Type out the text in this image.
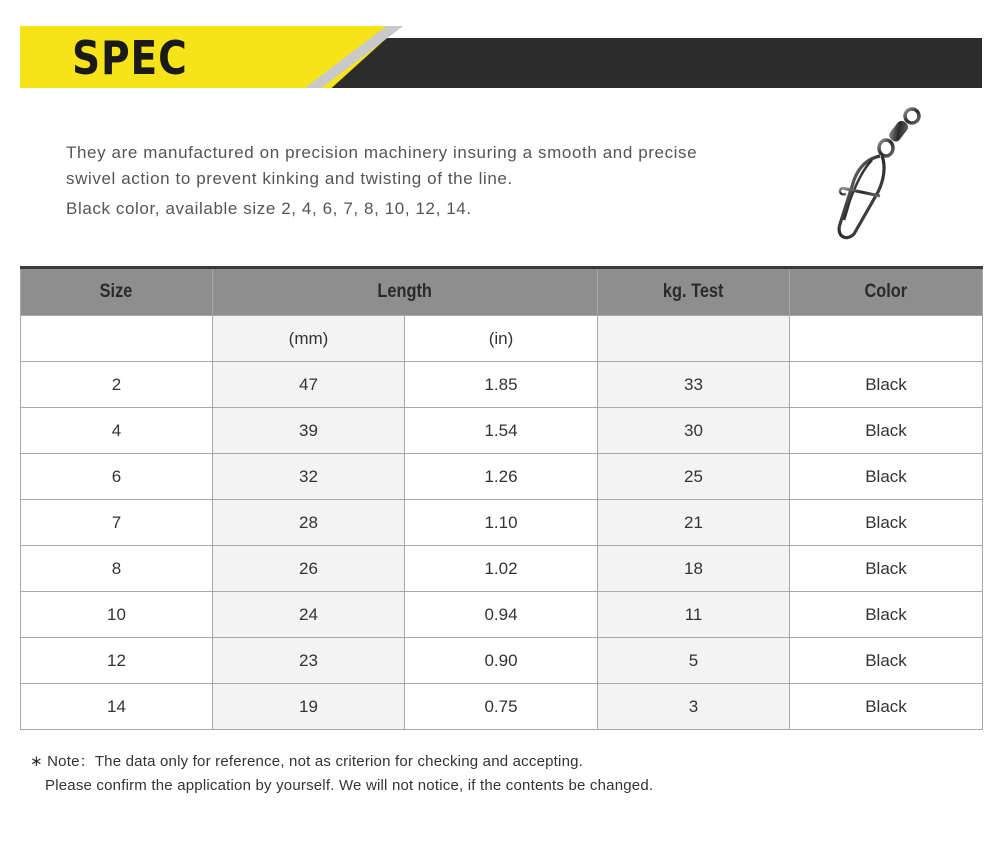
SPEC

They are manufactured on precision machinery insuring a smooth and precise

swivel action to prevent kinking and twisting of the line.

Black color, available size 2, 4, 6, 7, 8, 10, 12, 14.

Size	Length		kg. Test	Color
	(mm)	(in)		
2	47	1.85	33	Black
4	39	1.54	30	Black
6	32	1.26	25	Black
7	28	1.10	21	Black
8	26	1.02	18	Black
10	24	0.94	11	Black
12	23	0.90	5	Black
14	19	0.75	3	Black

∗ Note：The data only for reference, not as criterion for checking and accepting.

Please confirm the application by yourself. We will not notice, if the contents be changed.
